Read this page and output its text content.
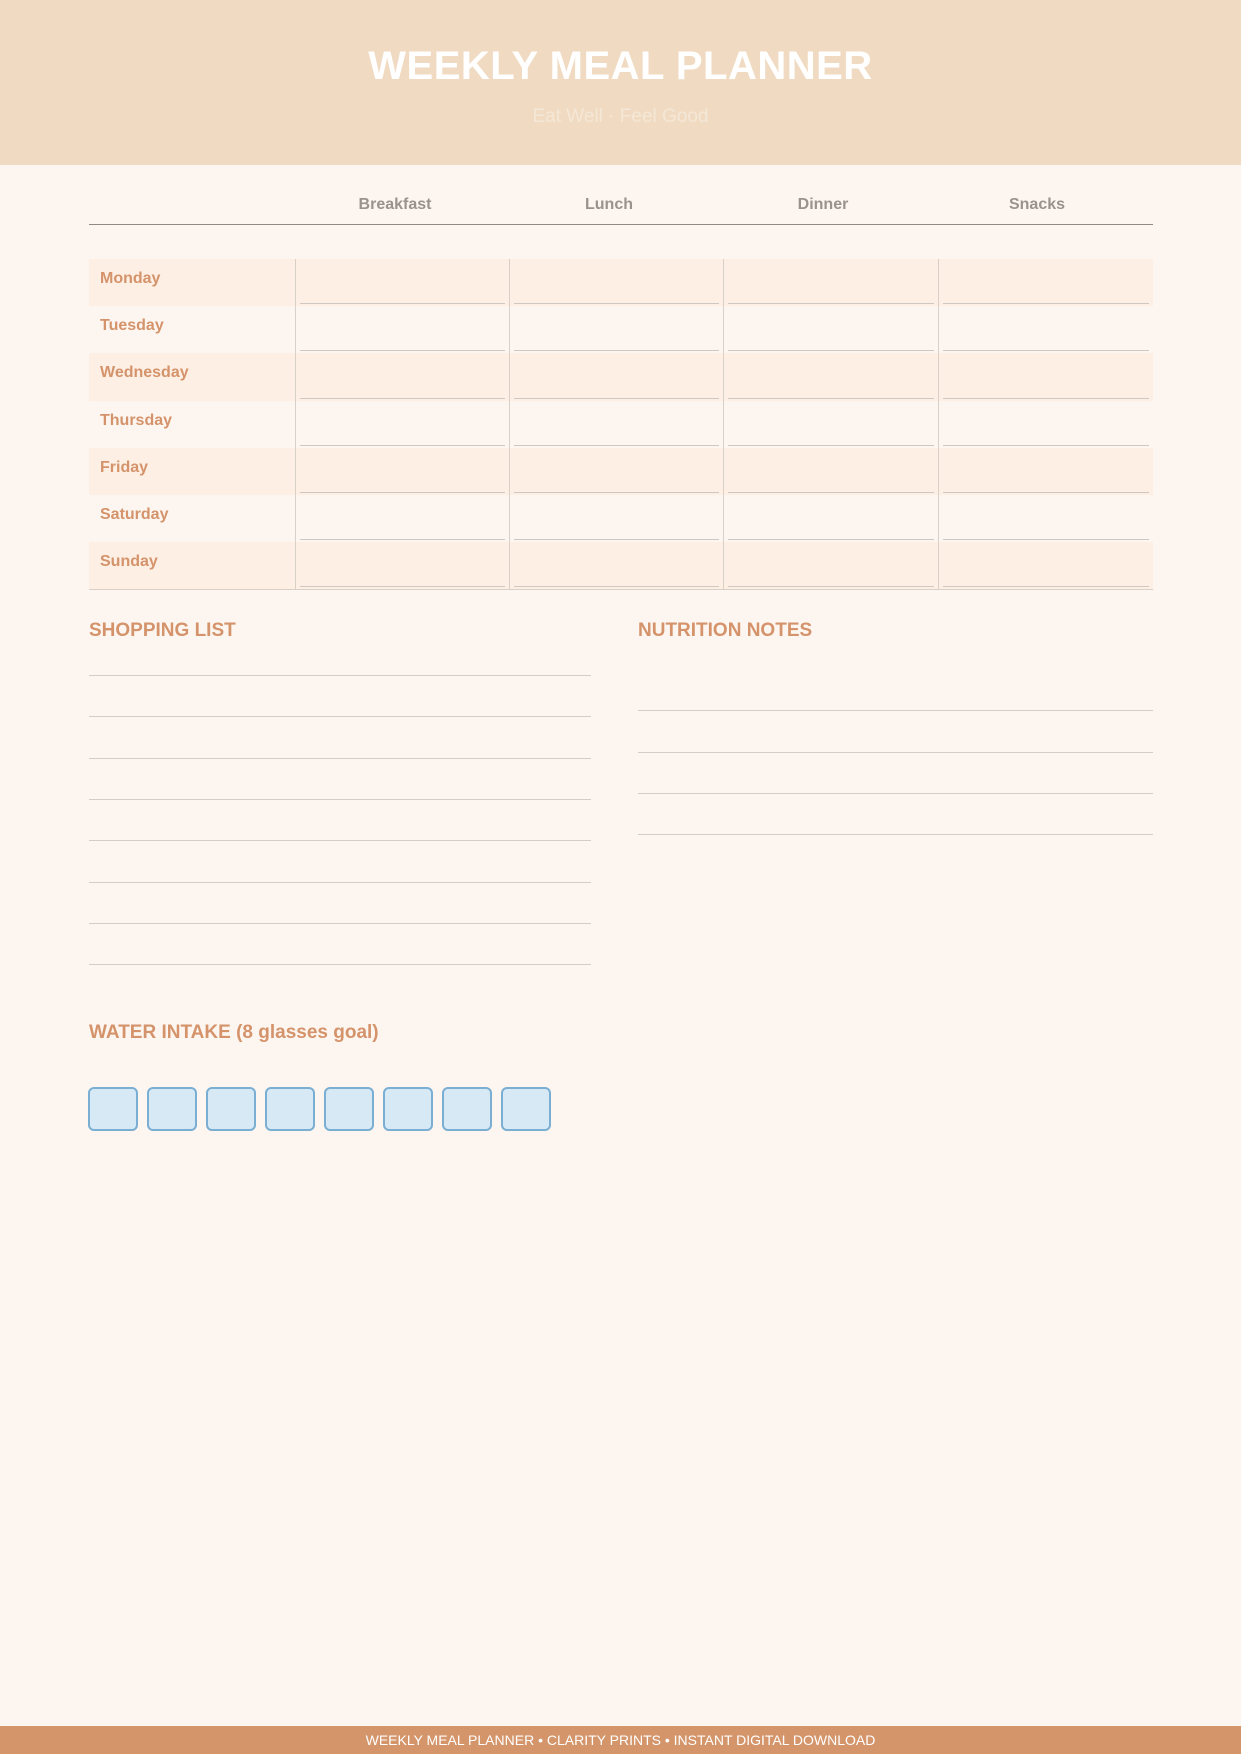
WEEKLY MEAL PLANNER
Eat Well · Feel Good
Breakfast	Lunch	Dinner	Snacks
Monday
Tuesday
Wednesday
Thursday
Friday
Saturday
Sunday
SHOPPING LIST	NUTRITION NOTES
WATER INTAKE (8 glasses goal)
WEEKLY MEAL PLANNER • CLARITY PRINTS • INSTANT DIGITAL DOWNLOAD
